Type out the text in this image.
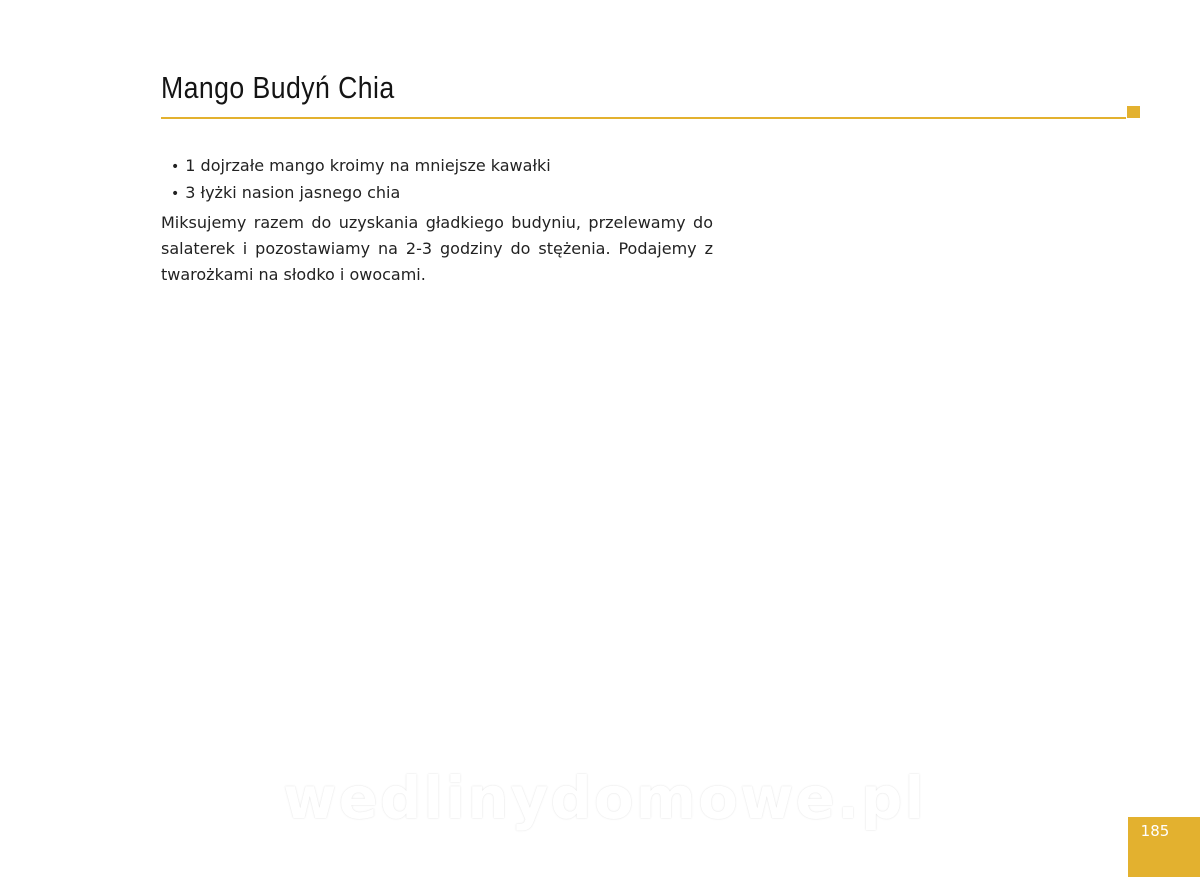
Mango Budyń Chia
• 1 dojrzałe mango kroimy na mniejsze kawałki
• 3 łyżki nasion jasnego chia

Miksujemy razem do uzyskania gładkiego budyniu, przelewamy do salaterek i pozostawiamy na 2-3 godziny do stężenia. Podajemy z twarożkami na słodko i owocami.

wedlinydomowe.pl	185
